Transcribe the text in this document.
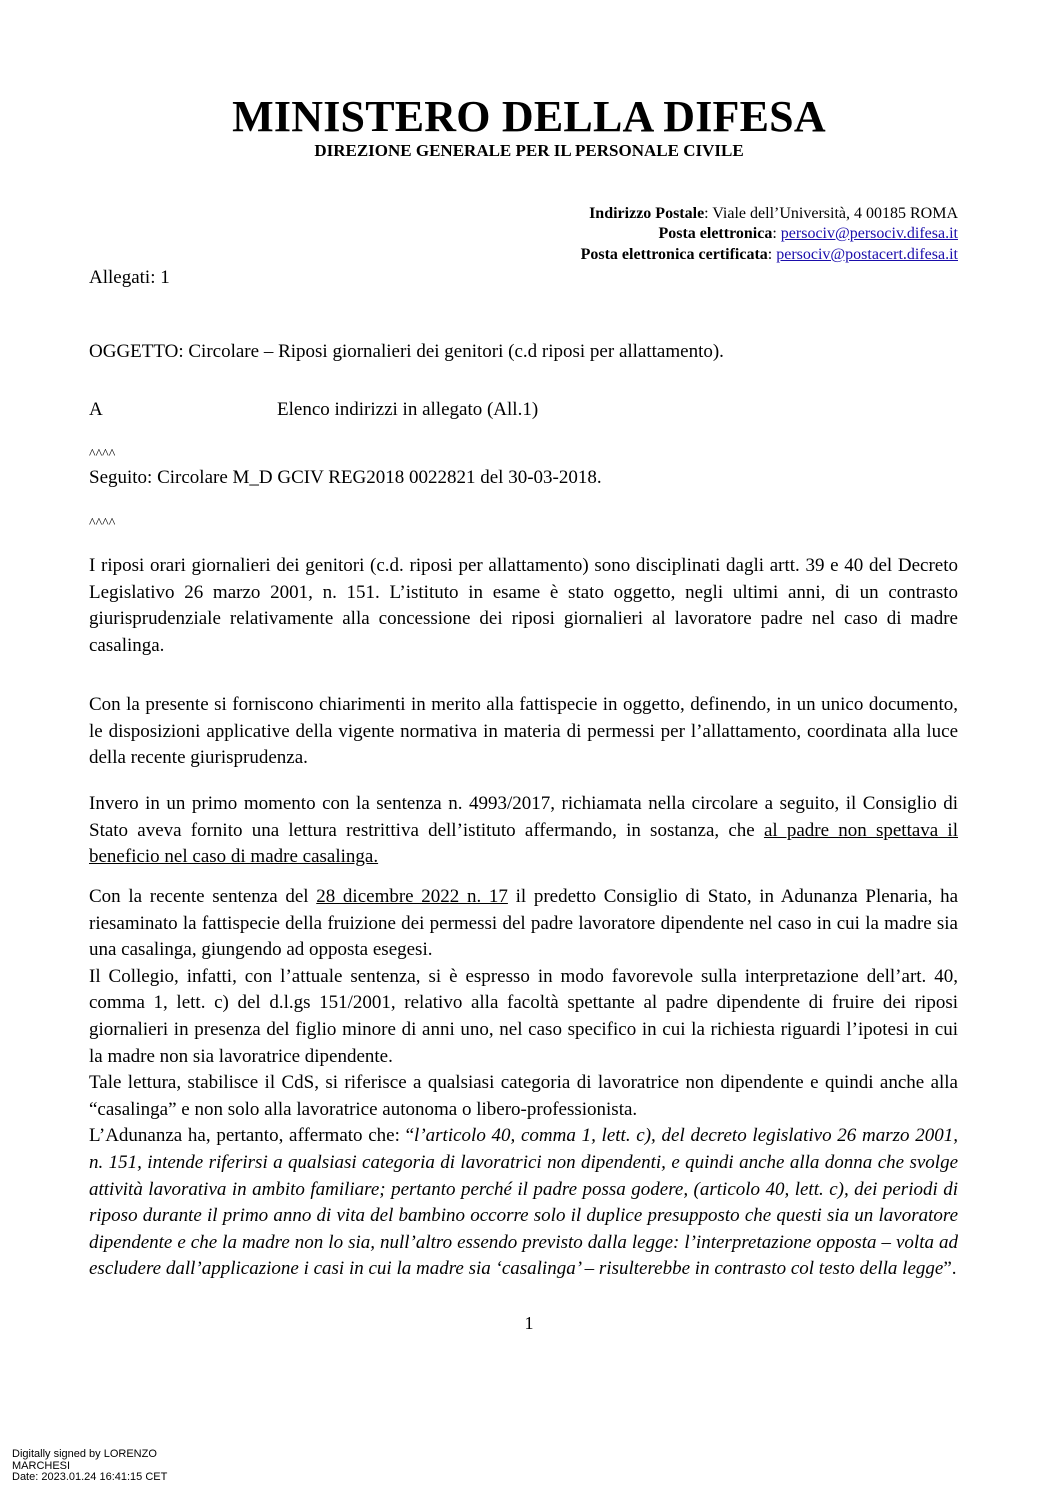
MINISTERO DELLA DIFESA
DIREZIONE GENERALE PER IL PERSONALE CIVILE
Indirizzo Postale: Viale dell’Università, 4 00185 ROMA
Posta elettronica: persociv@persociv.difesa.it
Posta elettronica certificata: persociv@postacert.difesa.it
Allegati: 1
OGGETTO: Circolare – Riposi giornalieri dei genitori (c.d riposi per allattamento).
A	Elenco indirizzi in allegato (All.1)
^^^^
Seguito: Circolare M_D GCIV REG2018 0022821 del 30-03-2018.
^^^^

I riposi orari giornalieri dei genitori (c.d. riposi per allattamento) sono disciplinati dagli artt. 39 e 40 del Decreto Legislativo 26 marzo 2001, n. 151. L’istituto in esame è stato oggetto, negli ultimi anni, di un contrasto giurisprudenziale relativamente alla concessione dei riposi giornalieri al lavoratore padre nel caso di madre casalinga.

Con la presente si forniscono chiarimenti in merito alla fattispecie in oggetto, definendo, in un unico documento, le disposizioni applicative della vigente normativa in materia di permessi per l’allattamento, coordinata alla luce della recente giurisprudenza.

Invero in un primo momento con la sentenza n. 4993/2017, richiamata nella circolare a seguito, il Consiglio di Stato aveva fornito una lettura restrittiva dell’istituto affermando, in sostanza, che al padre non spettava il beneficio nel caso di madre casalinga.

Con la recente sentenza del 28 dicembre 2022 n. 17 il predetto Consiglio di Stato, in Adunanza Plenaria, ha riesaminato la fattispecie della fruizione dei permessi del padre lavoratore dipendente nel caso in cui la madre sia una casalinga, giungendo ad opposta esegesi.

Il Collegio, infatti, con l’attuale sentenza, si è espresso in modo favorevole sulla interpretazione dell’art. 40, comma 1, lett. c) del d.l.gs 151/2001, relativo alla facoltà spettante al padre dipendente di fruire dei riposi giornalieri in presenza del figlio minore di anni uno, nel caso specifico in cui la richiesta riguardi l’ipotesi in cui la madre non sia lavoratrice dipendente.

Tale lettura, stabilisce il CdS, si riferisce a qualsiasi categoria di lavoratrice non dipendente e quindi anche alla “casalinga” e non solo alla lavoratrice autonoma o libero-professionista.

L’Adunanza ha, pertanto, affermato che: “l’articolo 40, comma 1, lett. c), del decreto legislativo 26 marzo 2001, n. 151, intende riferirsi a qualsiasi categoria di lavoratrici non dipendenti, e quindi anche alla donna che svolge attività lavorativa in ambito familiare; pertanto perché il padre possa godere, (articolo 40, lett. c), dei periodi di riposo durante il primo anno di vita del bambino occorre solo il duplice presupposto che questi sia un lavoratore dipendente e che la madre non lo sia, null’altro essendo previsto dalla legge: l’interpretazione opposta – volta ad escludere dall’applicazione i casi in cui la madre sia ‘casalinga’ – risulterebbe in contrasto col testo della legge”.

1
Digitally signed by LORENZO
MARCHESI
Date: 2023.01.24 16:41:15 CET
